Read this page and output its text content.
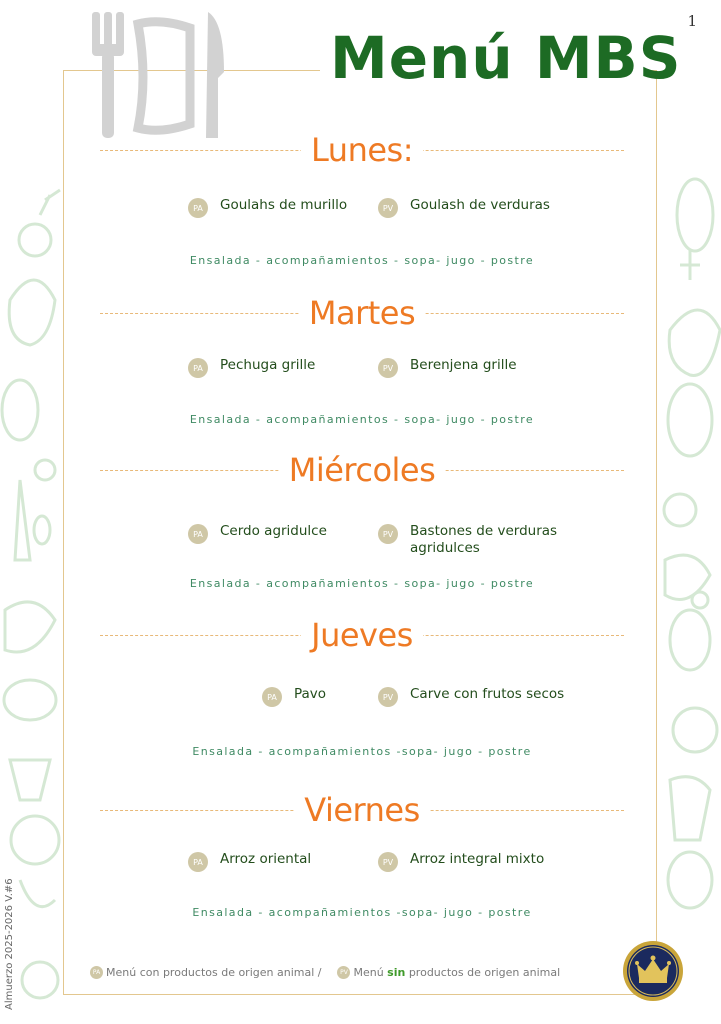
1
Menú MBS
Lunes:
PA	Goulahs de murillo	PV	Goulash de verduras
Ensalada - acompañamientos - sopa- jugo - postre
Martes
PA	Pechuga grille	PV	Berenjena grille
Ensalada - acompañamientos - sopa- jugo - postre
Miércoles
PA	Cerdo agridulce	PV	Bastones de verduras agridulces
Ensalada - acompañamientos - sopa- jugo - postre
Jueves
PA	Pavo	PV	Carve con frutos secos
Ensalada - acompañamientos -sopa- jugo - postre
Viernes
PA	Arroz oriental	PV	Arroz integral mixto
Ensalada - acompañamientos -sopa- jugo - postre
PA Menú con productos de origen animal /	PV Menú sin productos de origen animal
Almuerzo 2025-2026 V.#6
